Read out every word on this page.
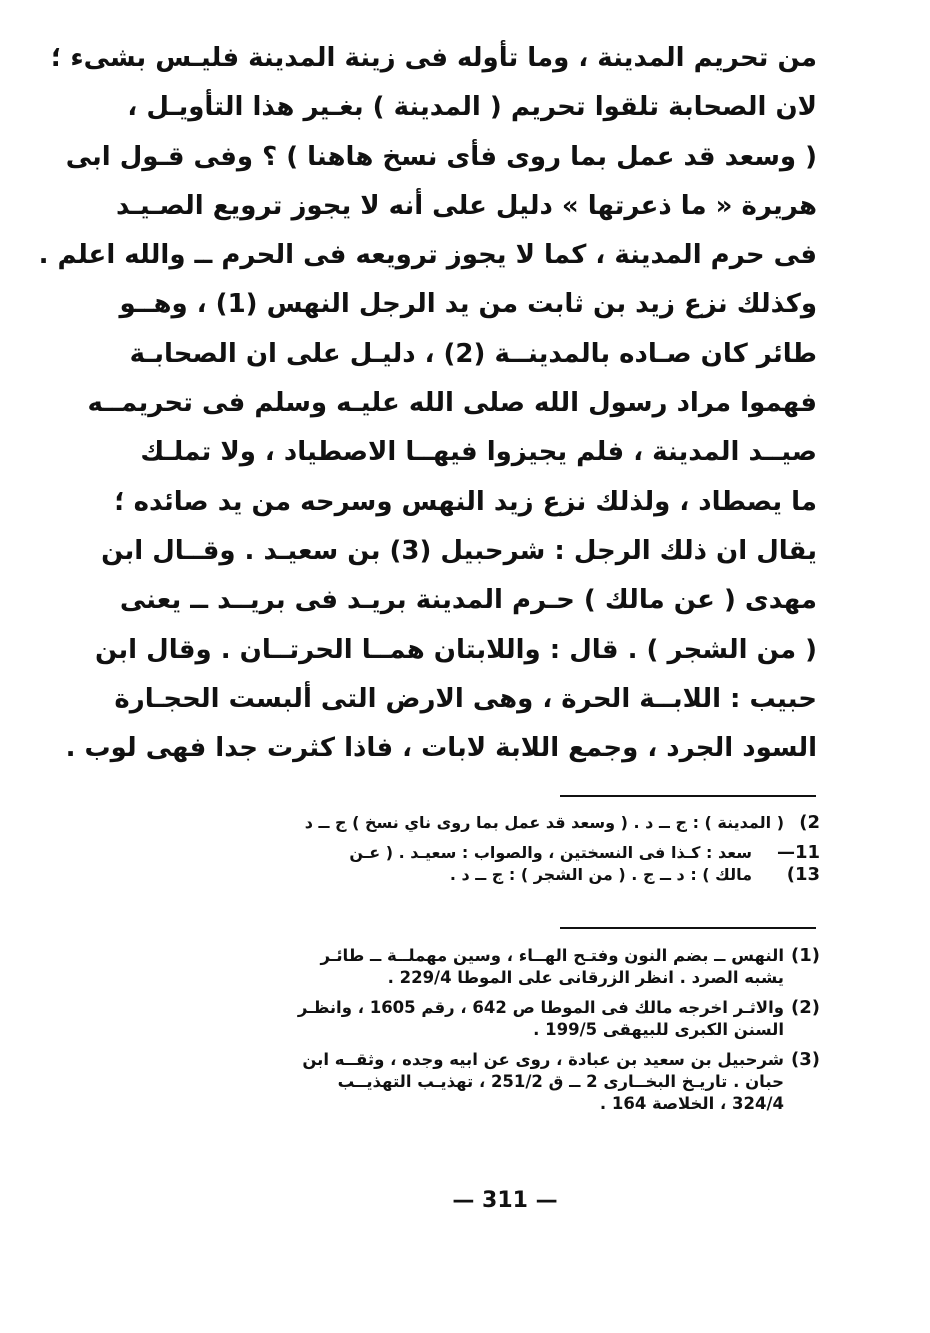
من تحريم المدينة ، وما تأوله فى زينة المدينة فليـس بشىء ؛
لان الصحابة تلقوا تحريم ( المدينة ) بغـير هذا التأويـل ،
( وسعد قد عمل بما روى فأى نسخ هاهنا ) ؟ وفى قـول ابى
هريرة « ما ذعرتها » دليل على أنه لا يجوز ترويع الصـيـد
فى حرم المدينة ، كما لا يجوز ترويعه فى الحرم ــ والله اعلم .
وكذلك نزع زيد بن ثابت من يد الرجل النهس (1) ، وهــو
طائر كان صـاده بالمدينــة (2) ، دليـل على ان الصحابـة
فهموا مراد رسول الله صلى الله عليـه وسلم فى تحريمــه
صيــد المدينة ، فلم يجيزوا فيهــا الاصطياد ، ولا تملـك
ما يصطاد ، ولذلك نزع زيد النهس وسرحه من يد صائده ؛
يقال ان ذلك الرجل : شرحبيل (3) بن سعيـد . وقــال ابن
مهدى ( عن مالك ) حـرم المدينة بريـد فى بريــد ــ يعنى
( من الشجر ) . قال : واللابتان همــا الحرتــان . وقال ابن
حبيب : اللابــة الحرة ، وهى الارض التى ألبست الحجـارة
السود الجرد ، وجمع اللابة لابات ، فاذا كثرت جدا فهى لوب .
2)
( المدينة ) : ج ــ د . ( وسعد قد عمل بما روى ناي نسخ ) ج ــ د
11—13)
سعد : كـذا فى النسختين ، والصواب : سعيـد . ( عـن
مالك ) : د ــ ج . ( من الشجر ) : ج ــ د .
(1)
النهس ــ بضم النون وفتـح الهــاء ، وسين مهملــة ــ طائـر
يشبه الصرد . انظر الزرقانى على الموطا 229/4 .
(2)
والاثـر اخرجه مالك فى الموطا ص 642 ، رقم 1605 ، وانظـر
السنن الكبرى للبيهقى 199/5 .
(3)
شرحبيل بن سعيد بن عبادة ، روى عن ابيه وجده ، وثقــه ابن
حبان . تاريـخ البخــارى 2 ــ ق 251/2 ، تهذيـب التهذيــب
324/4 ، الخلاصة 164 .
— 311 —
